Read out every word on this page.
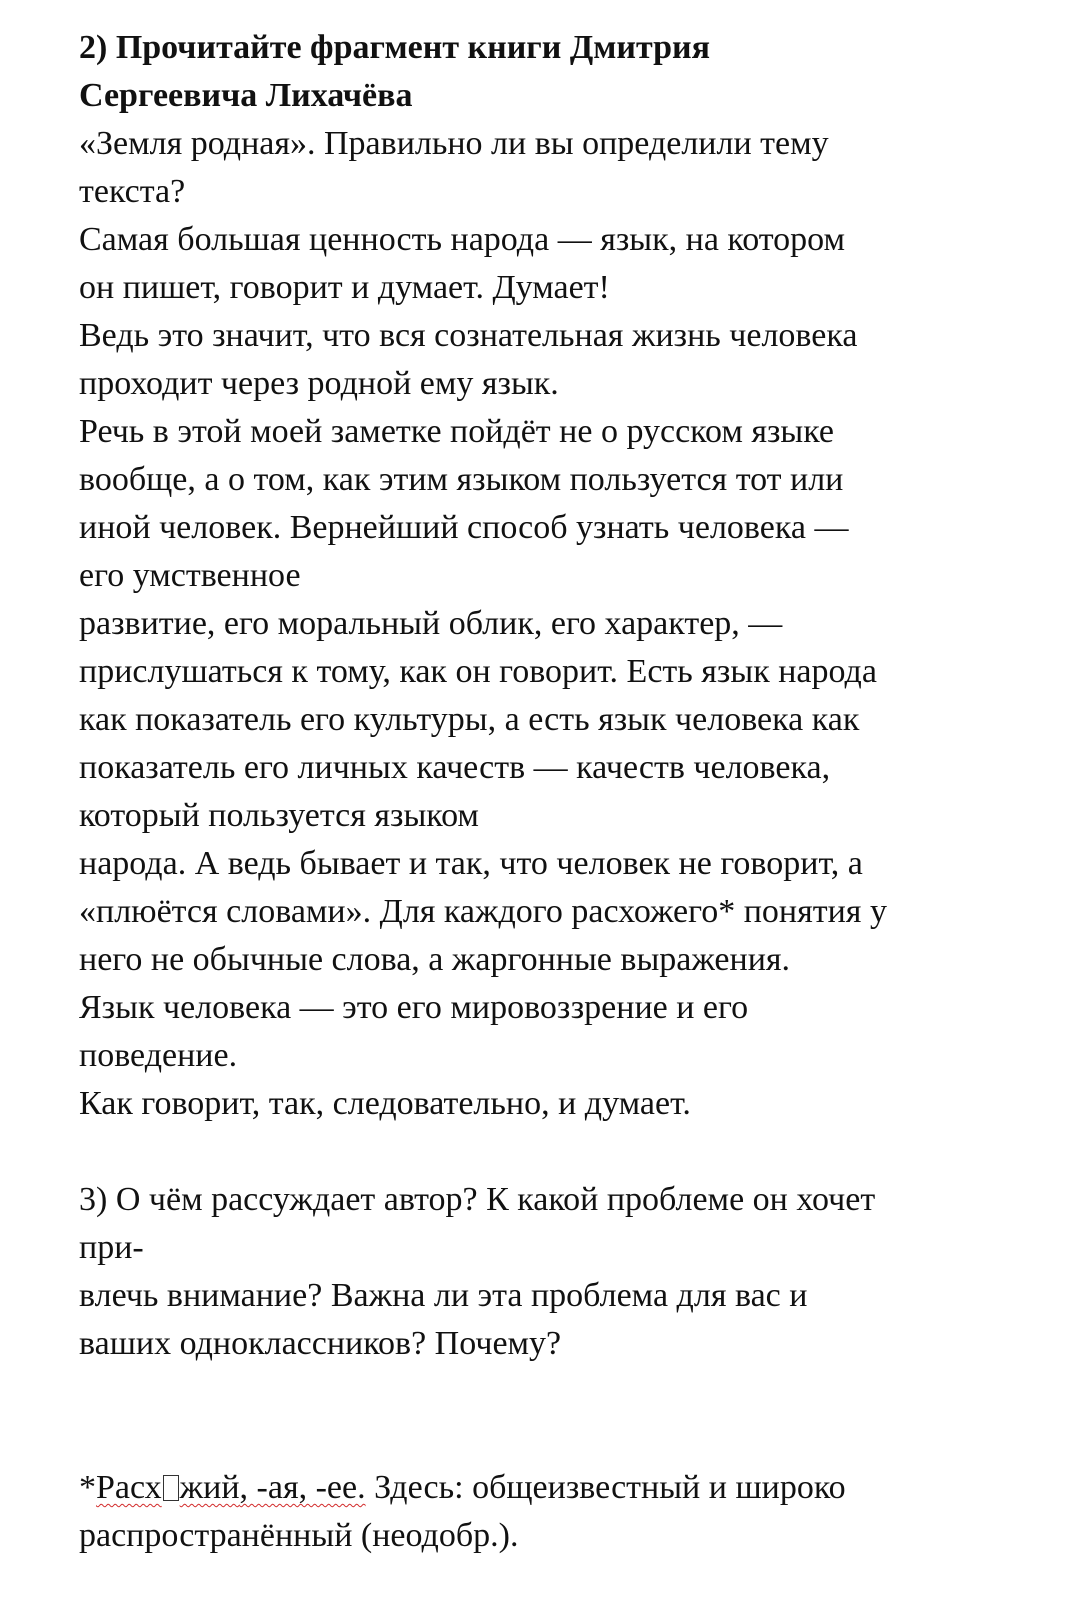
2) Прочитайте фрагмент книги Дмитрия
Сергеевича Лихачёва
«Земля родная». Правильно ли вы определили тему
текста?
Самая большая ценность народа — язык, на котором
он пишет, говорит и думает. Думает!
Ведь это значит, что вся сознательная жизнь человека
проходит через родной ему язык.
Речь в этой моей заметке пойдёт не о русском языке
вообще, а о том, как этим языком пользуется тот или
иной человек. Вернейший способ узнать человека —
его умственное
развитие, его моральный облик, его характер, —
прислушаться к тому, как он говорит. Есть язык народа
как показатель его культуры, а есть язык человека как
показатель его личных качеств — качеств человека,
который пользуется языком
народа. А ведь бывает и так, что человек не говорит, а
«плюётся словами». Для каждого расхожего* понятия у
него не обычные слова, а жаргонные выражения.
Язык человека — это его мировоззрение и его
поведение.
Как говорит, так, следовательно, и думает.
3) О чём рассуждает автор? К какой проблеме он хочет
при-
влечь внимание? Важна ли эта проблема для вас и
ваших одноклассников? Почему?
*Расх жий, -ая, -ее. Здесь: общеизвестный и широко
распространённый (неодобр.).
